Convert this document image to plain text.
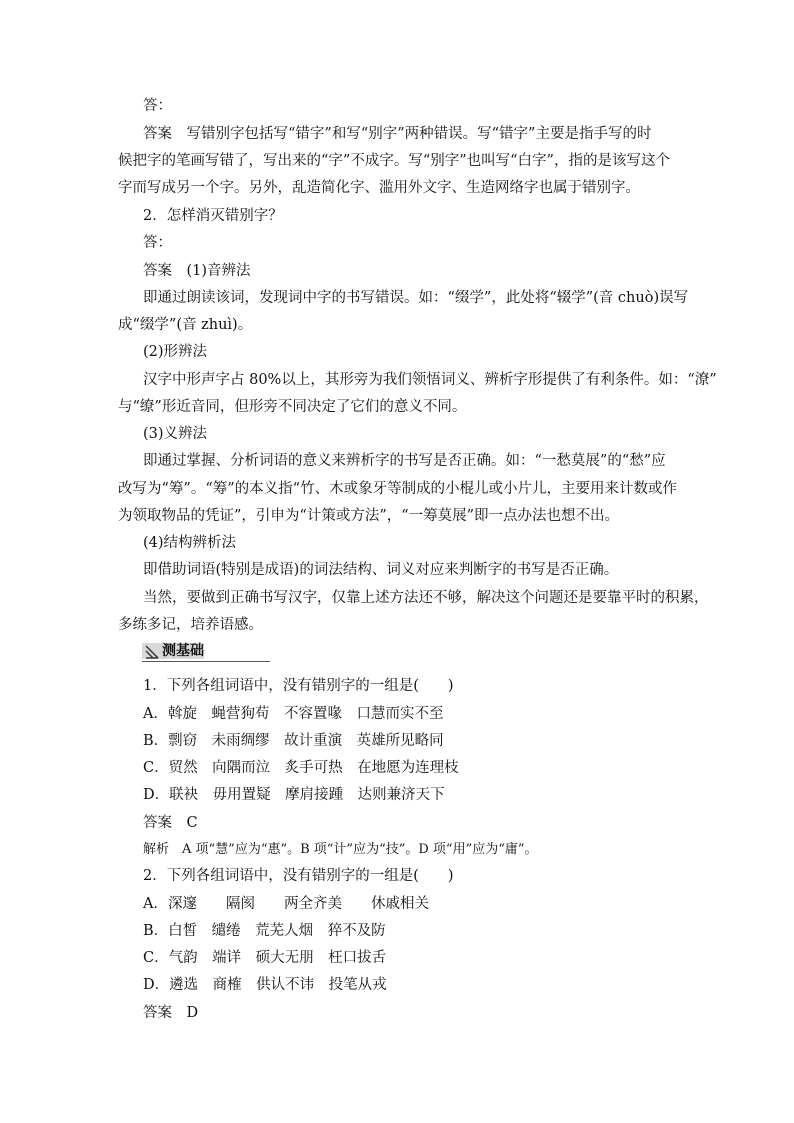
答：
答案　写错别字包括写“错字”和写“别字”两种错误。写“错字”主要是指手写的时
候把字的笔画写错了，写出来的“字”不成字。写“别字”也叫写“白字”，指的是该写这个
字而写成另一个字。另外，乱造简化字、滥用外文字、生造网络字也属于错别字。
2．怎样消灭错别字？
答：
答案　(1)音辨法
即通过朗读该词，发现词中字的书写错误。如：“缀学”，此处将“辍学”(音 chuò)误写
成“缀学”(音 zhuì)。
(2)形辨法
汉字中形声字占 80%以上，其形旁为我们领悟词义、辨析字形提供了有利条件。如：“潦”
与“缭”形近音同，但形旁不同决定了它们的意义不同。
(3)义辨法
即通过掌握、分析词语的意义来辨析字的书写是否正确。如：“一愁莫展”的“愁”应
改写为“筹”。“筹”的本义指“竹、木或象牙等制成的小棍儿或小片儿，主要用来计数或作
为领取物品的凭证”，引申为“计策或方法”，“一筹莫展”即一点办法也想不出。
(4)结构辨析法
即借助词语(特别是成语)的词法结构、词义对应来判断字的书写是否正确。
当然，要做到正确书写汉字，仅靠上述方法还不够，解决这个问题还是要靠平时的积累，
多练多记，培养语感。
测基础
1．下列各组词语中，没有错别字的一组是(　　)
A．斡旋　蝇营狗苟　不容置喙　口慧而实不至
B．剽窃　未雨绸缪　故计重演　英雄所见略同
C．贸然　向隅而泣　炙手可热　在地愿为连理枝
D．联袂　毋用置疑　摩肩接踵　达则兼济天下
答案　C
解析　A 项“慧”应为“惠”。B 项“计”应为“技”。D 项“用”应为“庸”。
2．下列各组词语中，没有错别字的一组是(　　)
A．深邃　　隔阂　　两全齐美　　休戚相关
B．白皙　缱绻　荒芜人烟　猝不及防
C．气韵　端详　硕大无朋　枉口拔舌
D．遴选　商榷　供认不讳　投笔从戎
答案　D
